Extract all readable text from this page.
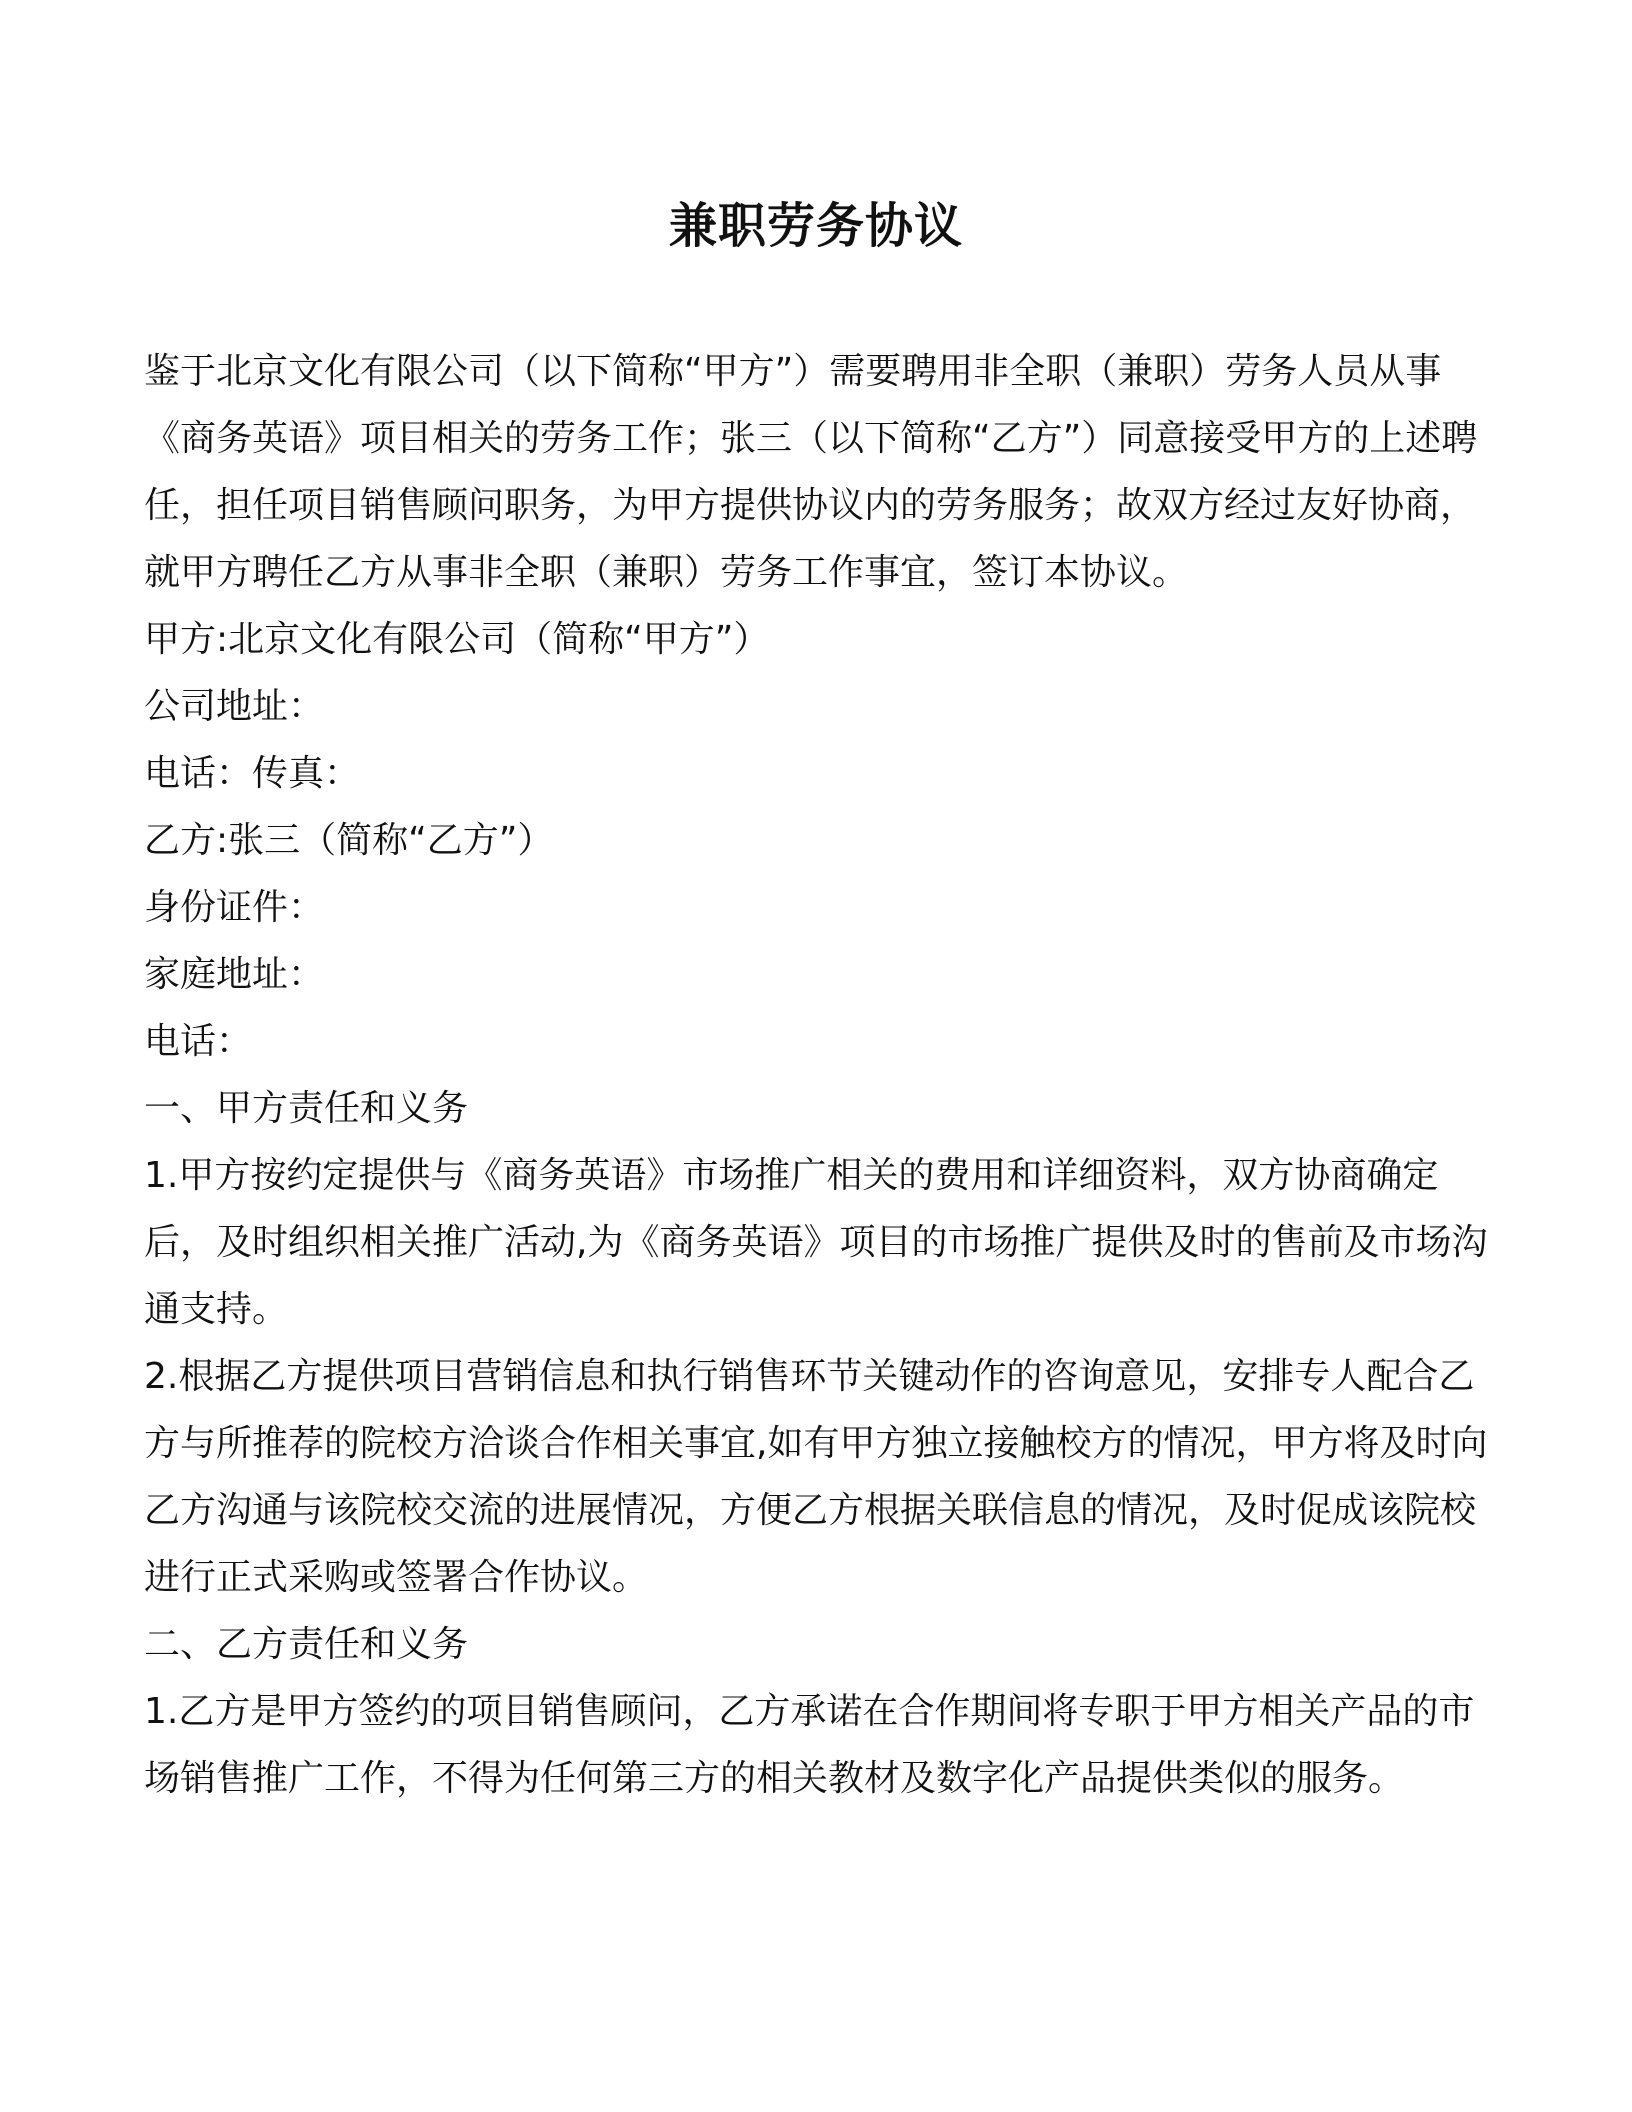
兼职劳务协议

鉴于北京文化有限公司（以下简称“甲方”）需要聘用非全职（兼职）劳务人员从事《商务英语》项目相关的劳务工作；张三（以下简称“乙方”）同意接受甲方的上述聘任，担任项目销售顾问职务，为甲方提供协议内的劳务服务；故双方经过友好协商，就甲方聘任乙方从事非全职（兼职）劳务工作事宜，签订本协议。

甲方:北京文化有限公司（简称“甲方”）

公司地址：

电话：传真：

乙方:张三（简称“乙方”）

身份证件：

家庭地址：

电话：

一、甲方责任和义务

1.甲方按约定提供与《商务英语》市场推广相关的费用和详细资料，双方协商确定后，及时组织相关推广活动,为《商务英语》项目的市场推广提供及时的售前及市场沟通支持。

2.根据乙方提供项目营销信息和执行销售环节关键动作的咨询意见，安排专人配合乙方与所推荐的院校方洽谈合作相关事宜,如有甲方独立接触校方的情况，甲方将及时向乙方沟通与该院校交流的进展情况，方便乙方根据关联信息的情况，及时促成该院校进行正式采购或签署合作协议。

二、乙方责任和义务

1.乙方是甲方签约的项目销售顾问，乙方承诺在合作期间将专职于甲方相关产品的市场销售推广工作，不得为任何第三方的相关教材及数字化产品提供类似的服务。
